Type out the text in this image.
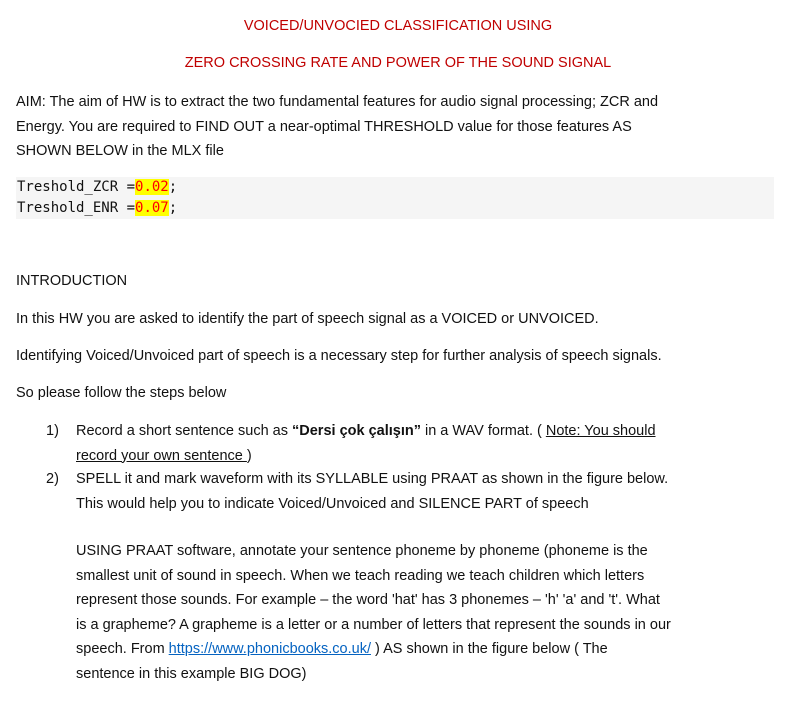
VOICED/UNVOCIED CLASSIFICATION USING
ZERO CROSSING RATE AND POWER OF THE SOUND SIGNAL
AIM: The aim of HW is to extract the two fundamental features for audio signal processing; ZCR and
Energy. You are required to FIND OUT a near-optimal THRESHOLD value for those features AS
SHOWN BELOW in the MLX file
Treshold_ZCR =0.02;
Treshold_ENR =0.07;
INTRODUCTION
In this HW you are asked to identify the part of speech signal as a VOICED or UNVOICED.
Identifying Voiced/Unvoiced part of speech is a necessary step for further analysis of speech signals.
So please follow the steps below
1) Record a short sentence such as “Dersi çok çalışın” in a WAV format. ( Note: You should
record your own sentence )
2) SPELL it and mark waveform with its SYLLABLE using PRAAT as shown in the figure below.
This would help you to indicate Voiced/Unvoiced and SILENCE PART of speech
USING PRAAT software, annotate your sentence phoneme by phoneme (phoneme is the
smallest unit of sound in speech. When we teach reading we teach children which letters
represent those sounds. For example – the word 'hat' has 3 phonemes – 'h' 'a' and 't'. What
is a grapheme? A grapheme is a letter or a number of letters that represent the sounds in our
speech. From https://www.phonicbooks.co.uk/ ) AS shown in the figure below ( The
sentence in this example BIG DOG)
